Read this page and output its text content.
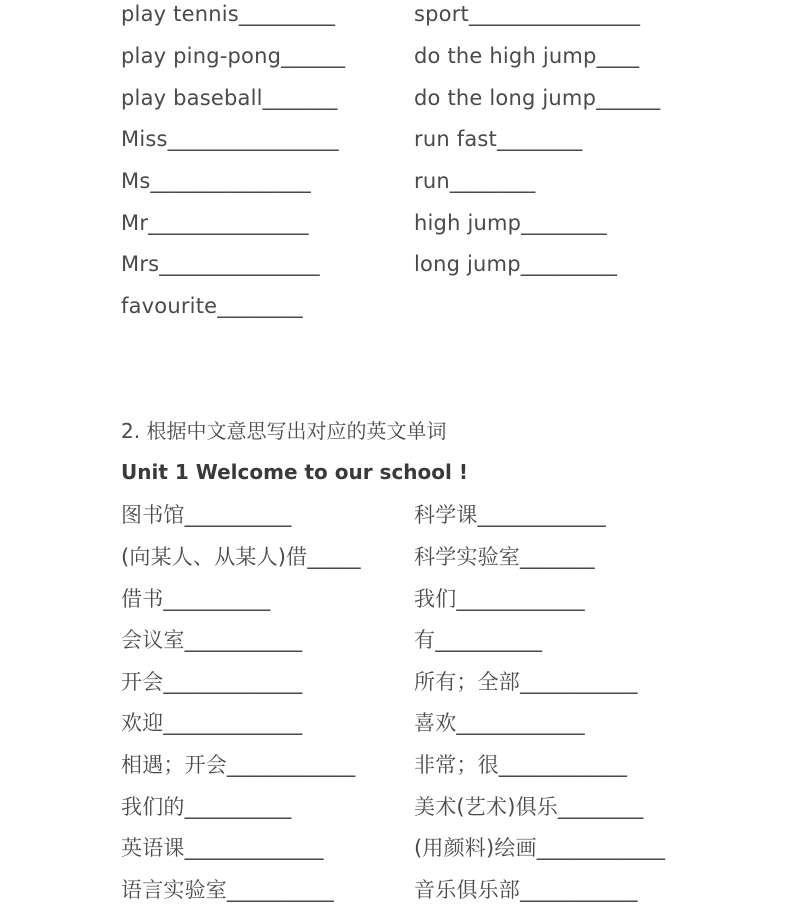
play tennis_________	sport________________
play ping-pong______	do the high jump____
play baseball_______	do the long jump______
Miss________________	run fast________
Ms_______________	run________
Mr_______________	high jump________
Mrs_______________	long jump_________
favourite________
2. 根据中文意思写出对应的英文单词
Unit 1 Welcome to our school !
图书馆__________	科学课____________
(向某人、从某人)借_____	科学实验室_______
借书__________	我们____________
会议室___________	有__________
开会_____________	所有；全部___________
欢迎_____________	喜欢____________
相遇；开会____________	非常；很____________
我们的__________	美术(艺术)俱乐________
英语课_____________	(用颜料)绘画____________
语言实验室__________	音乐俱乐部___________
